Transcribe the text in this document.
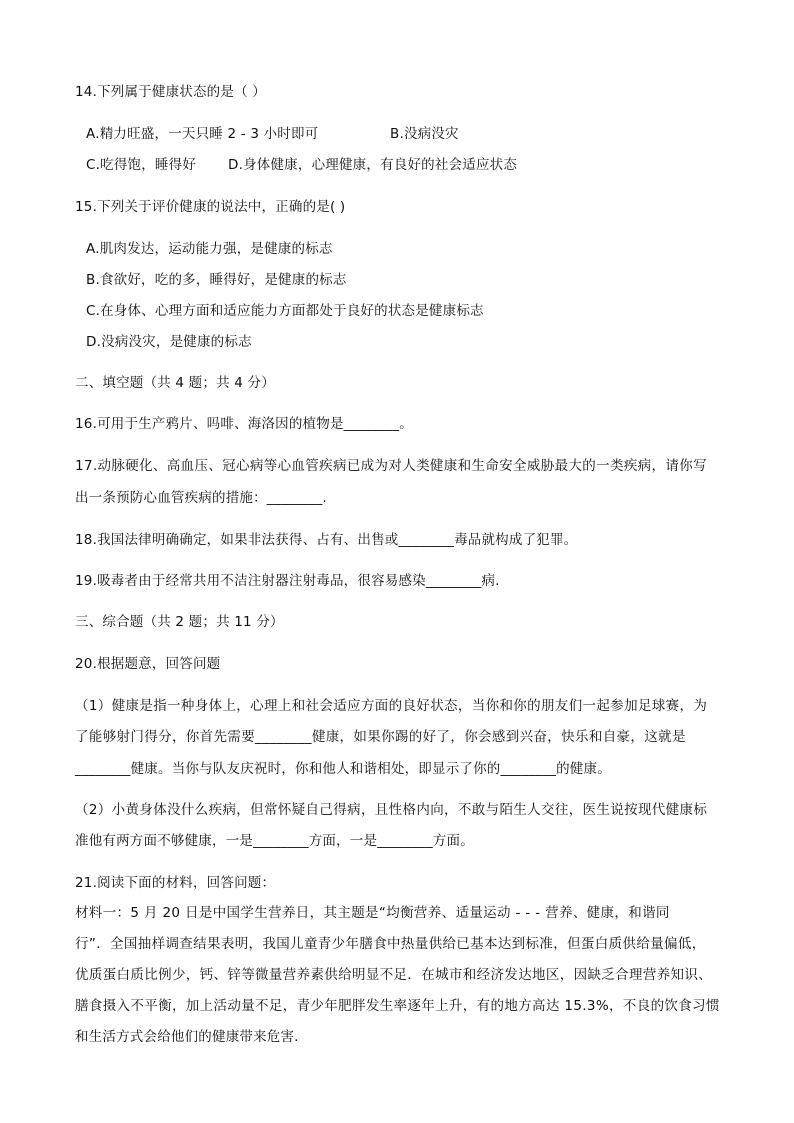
14.下列属于健康状态的是（ ）
A.精力旺盛，一天只睡 2 - 3 小时即可	B.没病没灾
C.吃得饱，睡得好 D.身体健康，心理健康，有良好的社会适应状态
15.下列关于评价健康的说法中，正确的是( )
A.肌肉发达，运动能力强，是健康的标志
B.食欲好，吃的多，睡得好，是健康的标志
C.在身体、心理方面和适应能力方面都处于良好的状态是健康标志
D.没病没灾，是健康的标志
二、填空题（共 4 题；共 4 分）
16.可用于生产鸦片、吗啡、海洛因的植物是________。
17.动脉硬化、高血压、冠心病等心血管疾病已成为对人类健康和生命安全威胁最大的一类疾病，请你写
出一条预防心血管疾病的措施：________.
18.我国法律明确确定，如果非法获得、占有、出售或________毒品就构成了犯罪。
19.吸毒者由于经常共用不洁注射器注射毒品，很容易感染________病.
三、综合题（共 2 题；共 11 分）
20.根据题意，回答问题
（1）健康是指一种身体上，心理上和社会适应方面的良好状态，当你和你的朋友们一起参加足球赛，为
了能够射门得分，你首先需要________健康，如果你踢的好了，你会感到兴奋，快乐和自豪，这就是
________健康。当你与队友庆祝时，你和他人和谐相处，即显示了你的________的健康。
（2）小黄身体没什么疾病，但常怀疑自己得病，且性格内向，不敢与陌生人交往，医生说按现代健康标
准他有两方面不够健康，一是________方面，一是________方面。
21.阅读下面的材料，回答问题：
材料一：5 月 20 日是中国学生营养日，其主题是“均衡营养、适量运动 - - - 营养、健康，和谐同
行”．全国抽样调查结果表明，我国儿童青少年膳食中热量供给已基本达到标准，但蛋白质供给量偏低，
优质蛋白质比例少，钙、锌等微量营养素供给明显不足．在城市和经济发达地区，因缺乏合理营养知识、
膳食摄入不平衡，加上活动量不足，青少年肥胖发生率逐年上升，有的地方高达 15.3%，不良的饮食习惯
和生活方式会给他们的健康带来危害．
